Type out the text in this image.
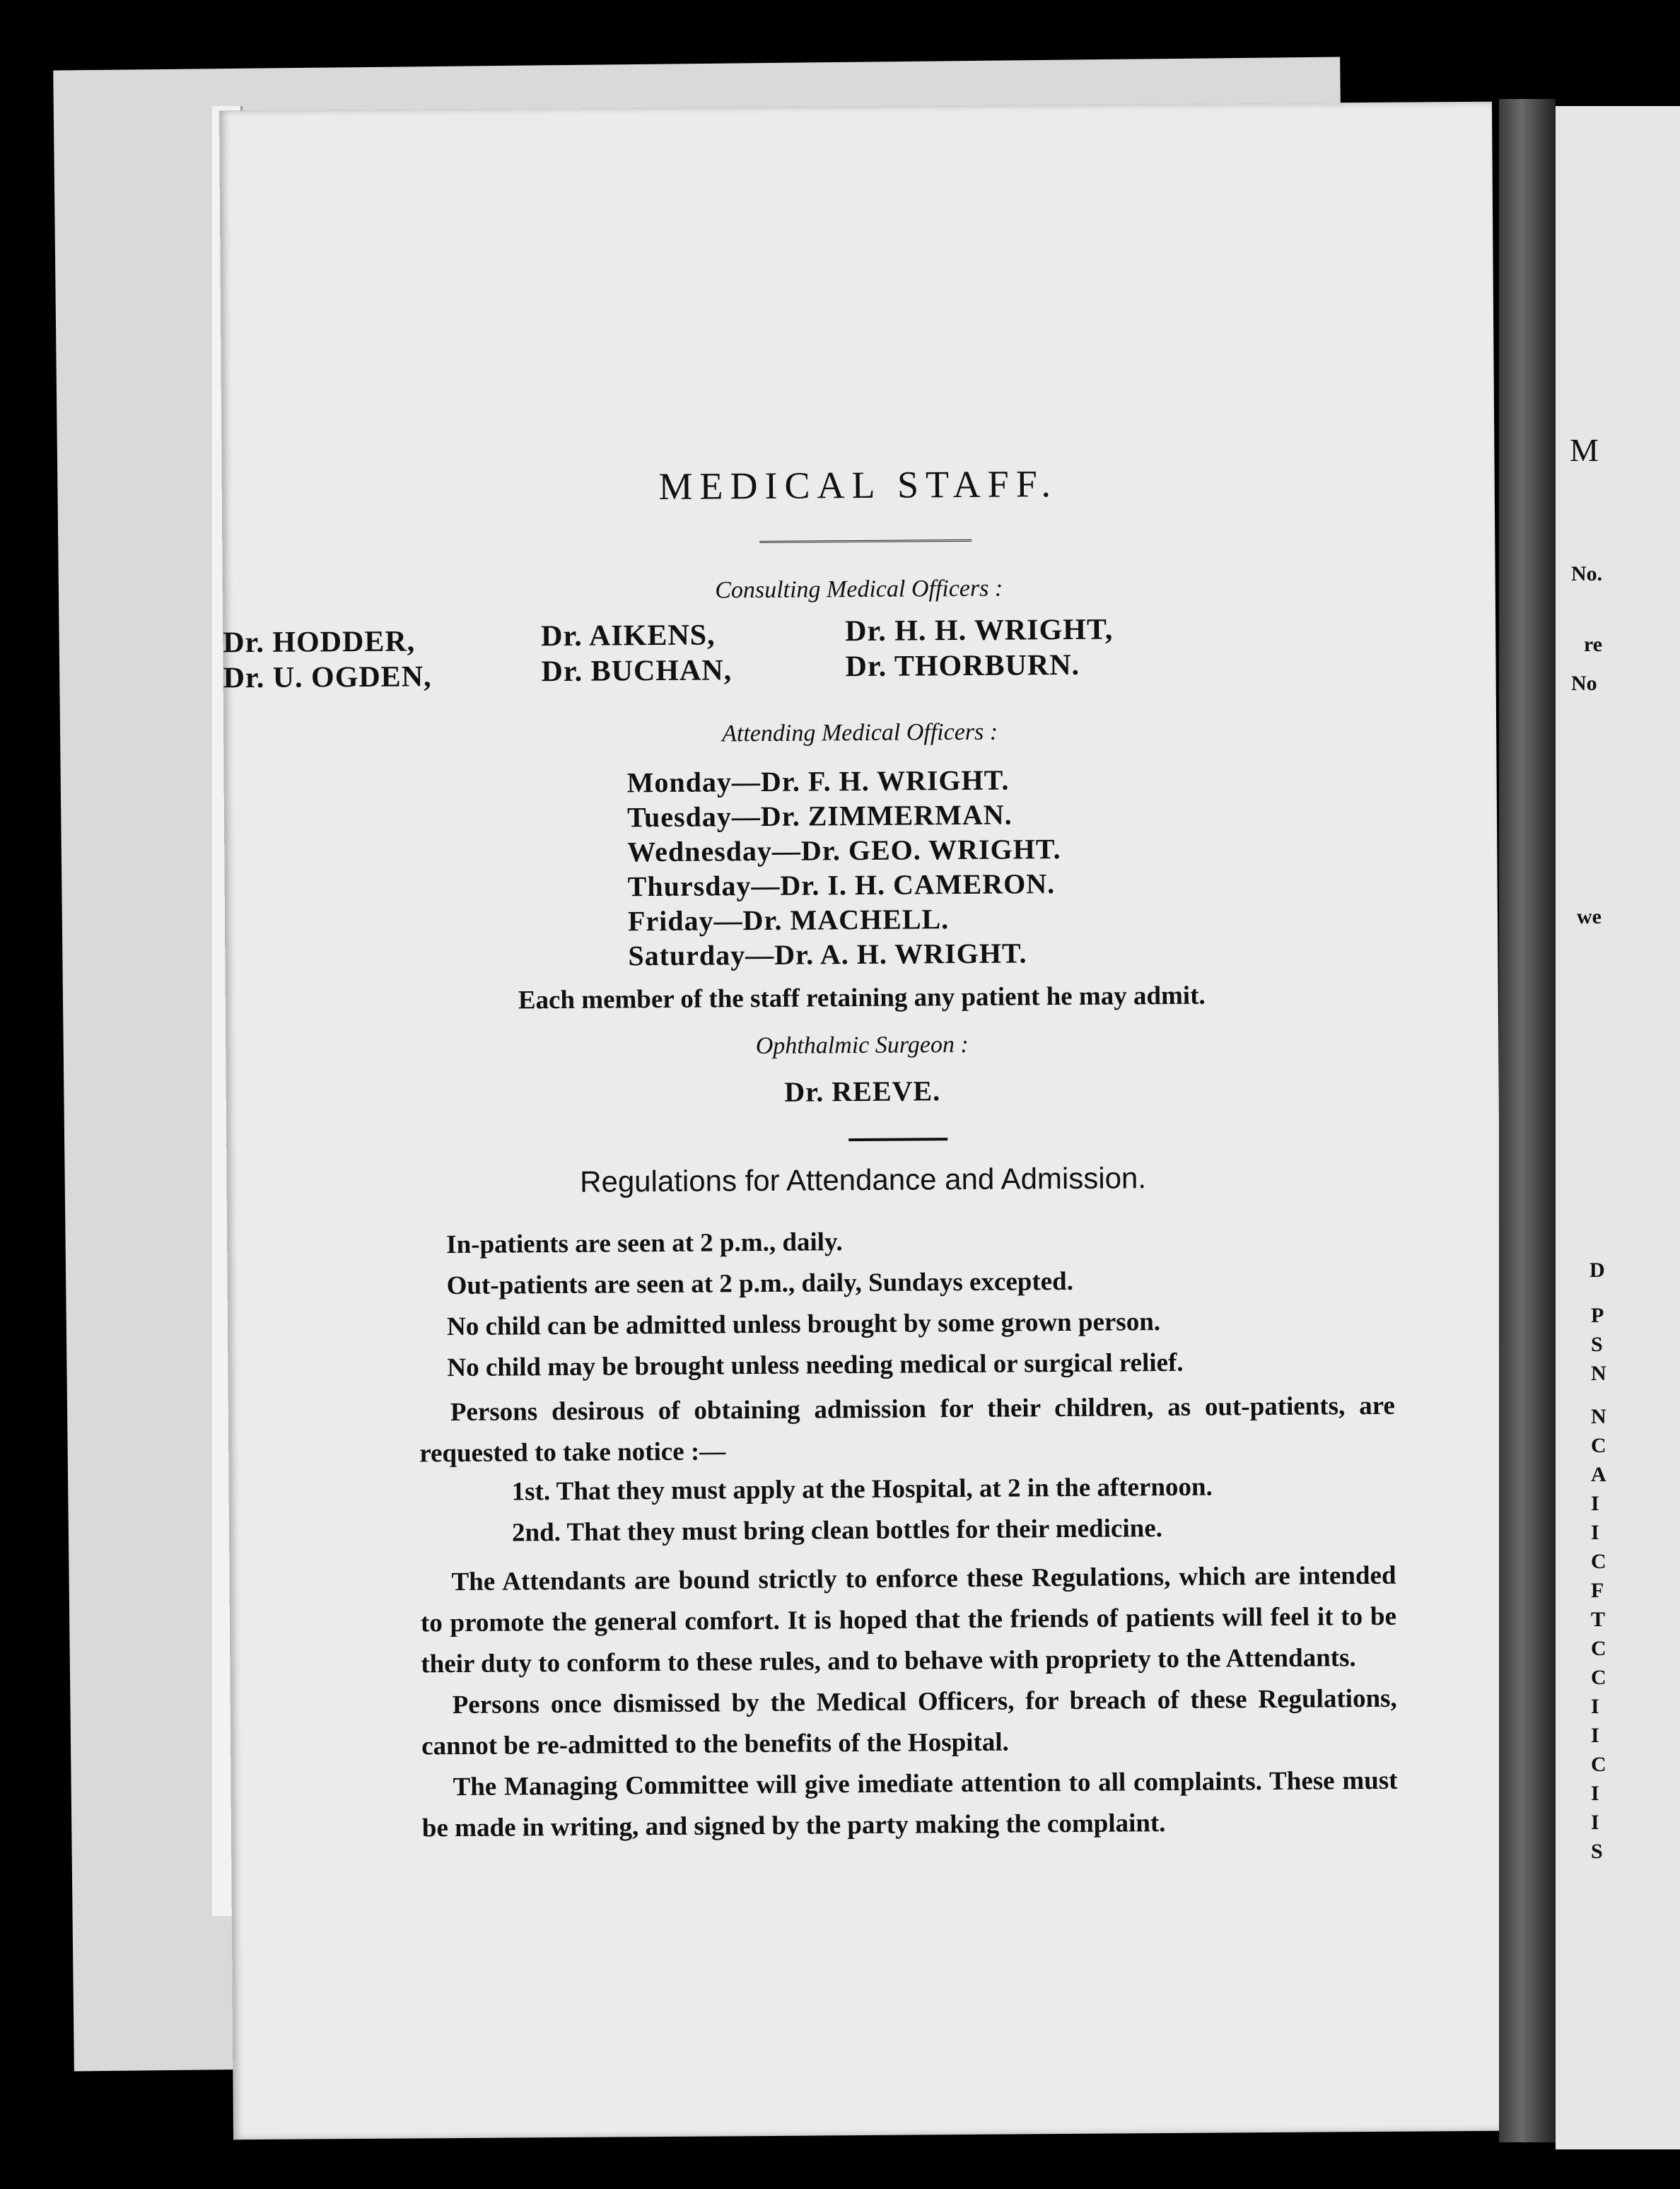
MEDICAL STAFF.
Consulting Medical Officers :
Dr. HODDER,
Dr. U. OGDEN,
Dr. AIKENS,
Dr. BUCHAN,
Dr. H. H. WRIGHT,
Dr. THORBURN.
Attending Medical Officers :
Monday—Dr. F. H. WRIGHT.
Tuesday—Dr. ZIMMERMAN.
Wednesday—Dr. GEO. WRIGHT.
Thursday—Dr. I. H. CAMERON.
Friday—Dr. MACHELL.
Saturday—Dr. A. H. WRIGHT.
Each member of the staff retaining any patient he may admit.
Ophthalmic Surgeon :
Dr. REEVE.
Regulations for Attendance and Admission.
In-patients are seen at 2 p.m., daily.
Out-patients are seen at 2 p.m., daily, Sundays excepted.
No child can be admitted unless brought by some grown person.
No child may be brought unless needing medical or surgical relief.

Persons desirous of obtaining admission for their children, as out-patients, are requested to take notice :—

1st. That they must apply at the Hospital, at 2 in the afternoon.
2nd. That they must bring clean bottles for their medicine.

The Attendants are bound strictly to enforce these Regulations, which are intended to promote the general comfort. It is hoped that the friends of patients will feel it to be their duty to conform to these rules, and to behave with propriety to the Attendants.

Persons once dismissed by the Medical Officers, for breach of these Regulations, cannot be re-admitted to the benefits of the Hospital.

The Managing Committee will give imediate attention to all complaints. These must be made in writing, and signed by the party making the complaint.

M
No.
re
No
we
D
P
S
N
N
C
A
I
I
C
F
T
C
C
I
I
C
I
I
S
